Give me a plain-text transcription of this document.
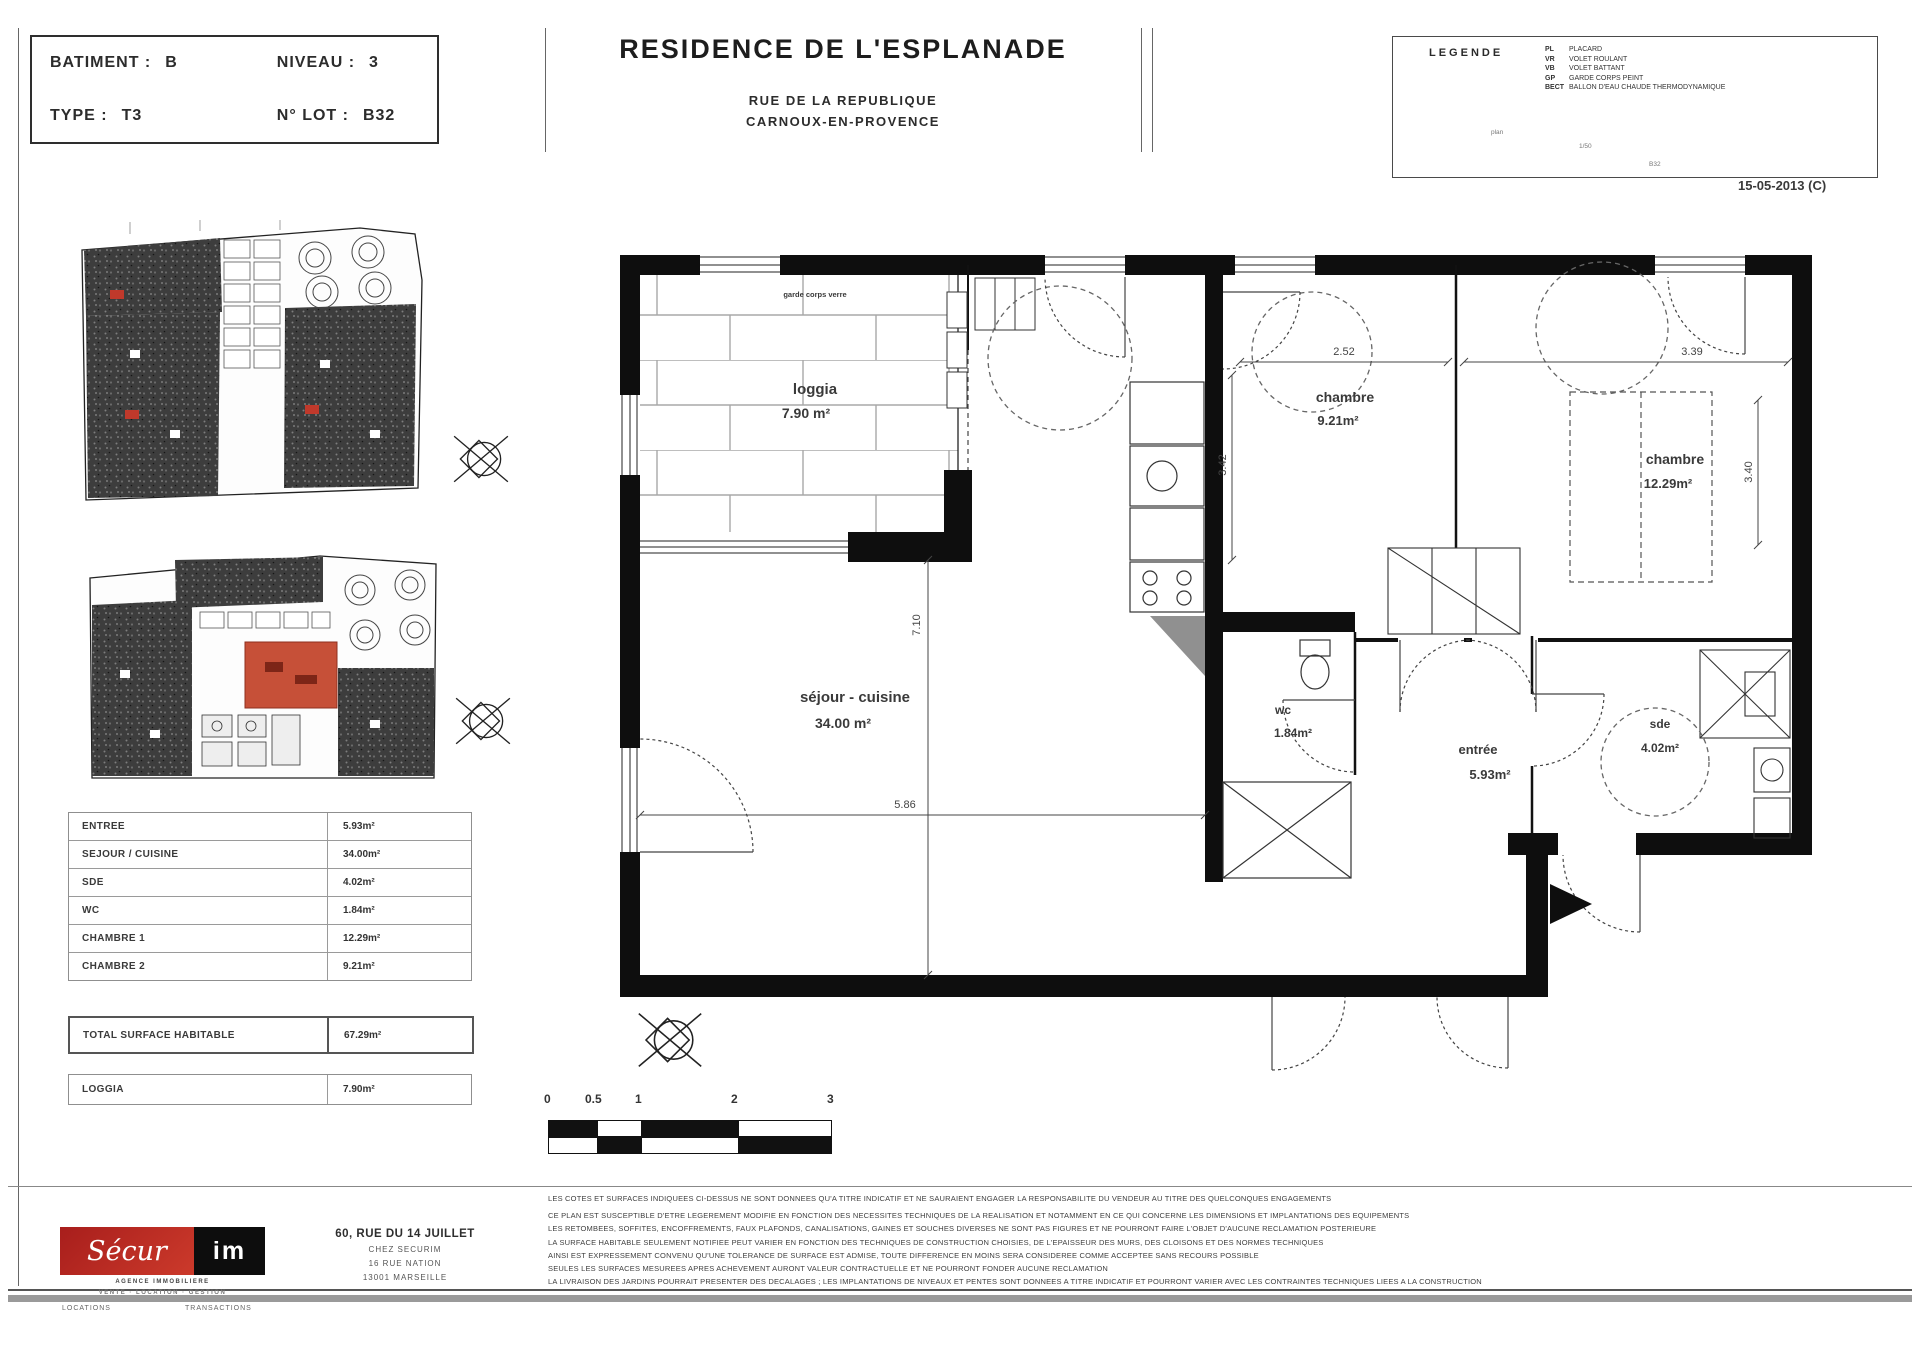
BATIMENT : B	NIVEAU : 3
TYPE : T3	N° LOT : B32
RESIDENCE DE L'ESPLANADE
RUE DE LA REPUBLIQUE
CARNOUX-EN-PROVENCE
LEGENDE	PL PLACARD
VR VOLET ROULANT
VB VOLET BATTANT
GP GARDE CORPS PEINT
BECT BALLON D'EAU CHAUDE THERMODYNAMIQUE
plan
1/50
B32
15-05-2013 (C)
ENTREE	5.93m²
SEJOUR / CUISINE	34.00m²
SDE	4.02m²
WC	1.84m²
CHAMBRE 1	12.29m²
CHAMBRE 2	9.21m²
TOTAL SURFACE HABITABLE	67.29m²
LOGGIA	7.90m²
2.52	3.39
3.42	3.40
7.10
5.86
garde corps verre
loggia
7.90 m²
séjour - cuisine
34.00 m²
chambre
9.21m²
chambre
12.29m²
wc
1.84m²
entrée
5.93m²
sde
4.02m²
0	0.5	1	2	3
LES COTES ET SURFACES INDIQUEES CI-DESSUS NE SONT DONNEES QU'A TITRE INDICATIF ET NE SAURAIENT ENGAGER LA RESPONSABILITE DU VENDEUR AU TITRE DES QUELCONQUES ENGAGEMENTS
CE PLAN EST SUSCEPTIBLE D'ETRE LEGEREMENT MODIFIE EN FONCTION DES NECESSITES TECHNIQUES DE LA REALISATION ET NOTAMMENT EN CE QUI CONCERNE LES DIMENSIONS ET IMPLANTATIONS DES EQUIPEMENTS
LES RETOMBEES, SOFFITES, ENCOFFREMENTS, FAUX PLAFONDS, CANALISATIONS, GAINES ET SOUCHES DIVERSES NE SONT PAS FIGURES ET NE POURRONT FAIRE L'OBJET D'AUCUNE RECLAMATION POSTERIEURE
LA SURFACE HABITABLE SEULEMENT NOTIFIEE PEUT VARIER EN FONCTION DES TECHNIQUES DE CONSTRUCTION CHOISIES, DE L'EPAISSEUR DES MURS, DES CLOISONS ET DES NORMES TECHNIQUES
AINSI EST EXPRESSEMENT CONVENU QU'UNE TOLERANCE DE SURFACE EST ADMISE, TOUTE DIFFERENCE EN MOINS SERA CONSIDEREE COMME ACCEPTEE SANS RECOURS POSSIBLE
SEULES LES SURFACES MESUREES APRES ACHEVEMENT AURONT VALEUR CONTRACTUELLE ET NE POURRONT FONDER AUCUNE RECLAMATION
LA LIVRAISON DES JARDINS POURRAIT PRESENTER DES DECALAGES ; LES IMPLANTATIONS DE NIVEAUX ET PENTES SONT DONNEES A TITRE INDICATIF ET POURRONT VARIER AVEC LES CONTRAINTES TECHNIQUES LIEES A LA CONSTRUCTION
Sécur	im
AGENCE IMMOBILIERE
VENTE · LOCATION · GESTION
LOCATIONS	TRANSACTIONS
60, RUE DU 14 JUILLET
CHEZ SECURIM
16 RUE NATION
13001 MARSEILLE
